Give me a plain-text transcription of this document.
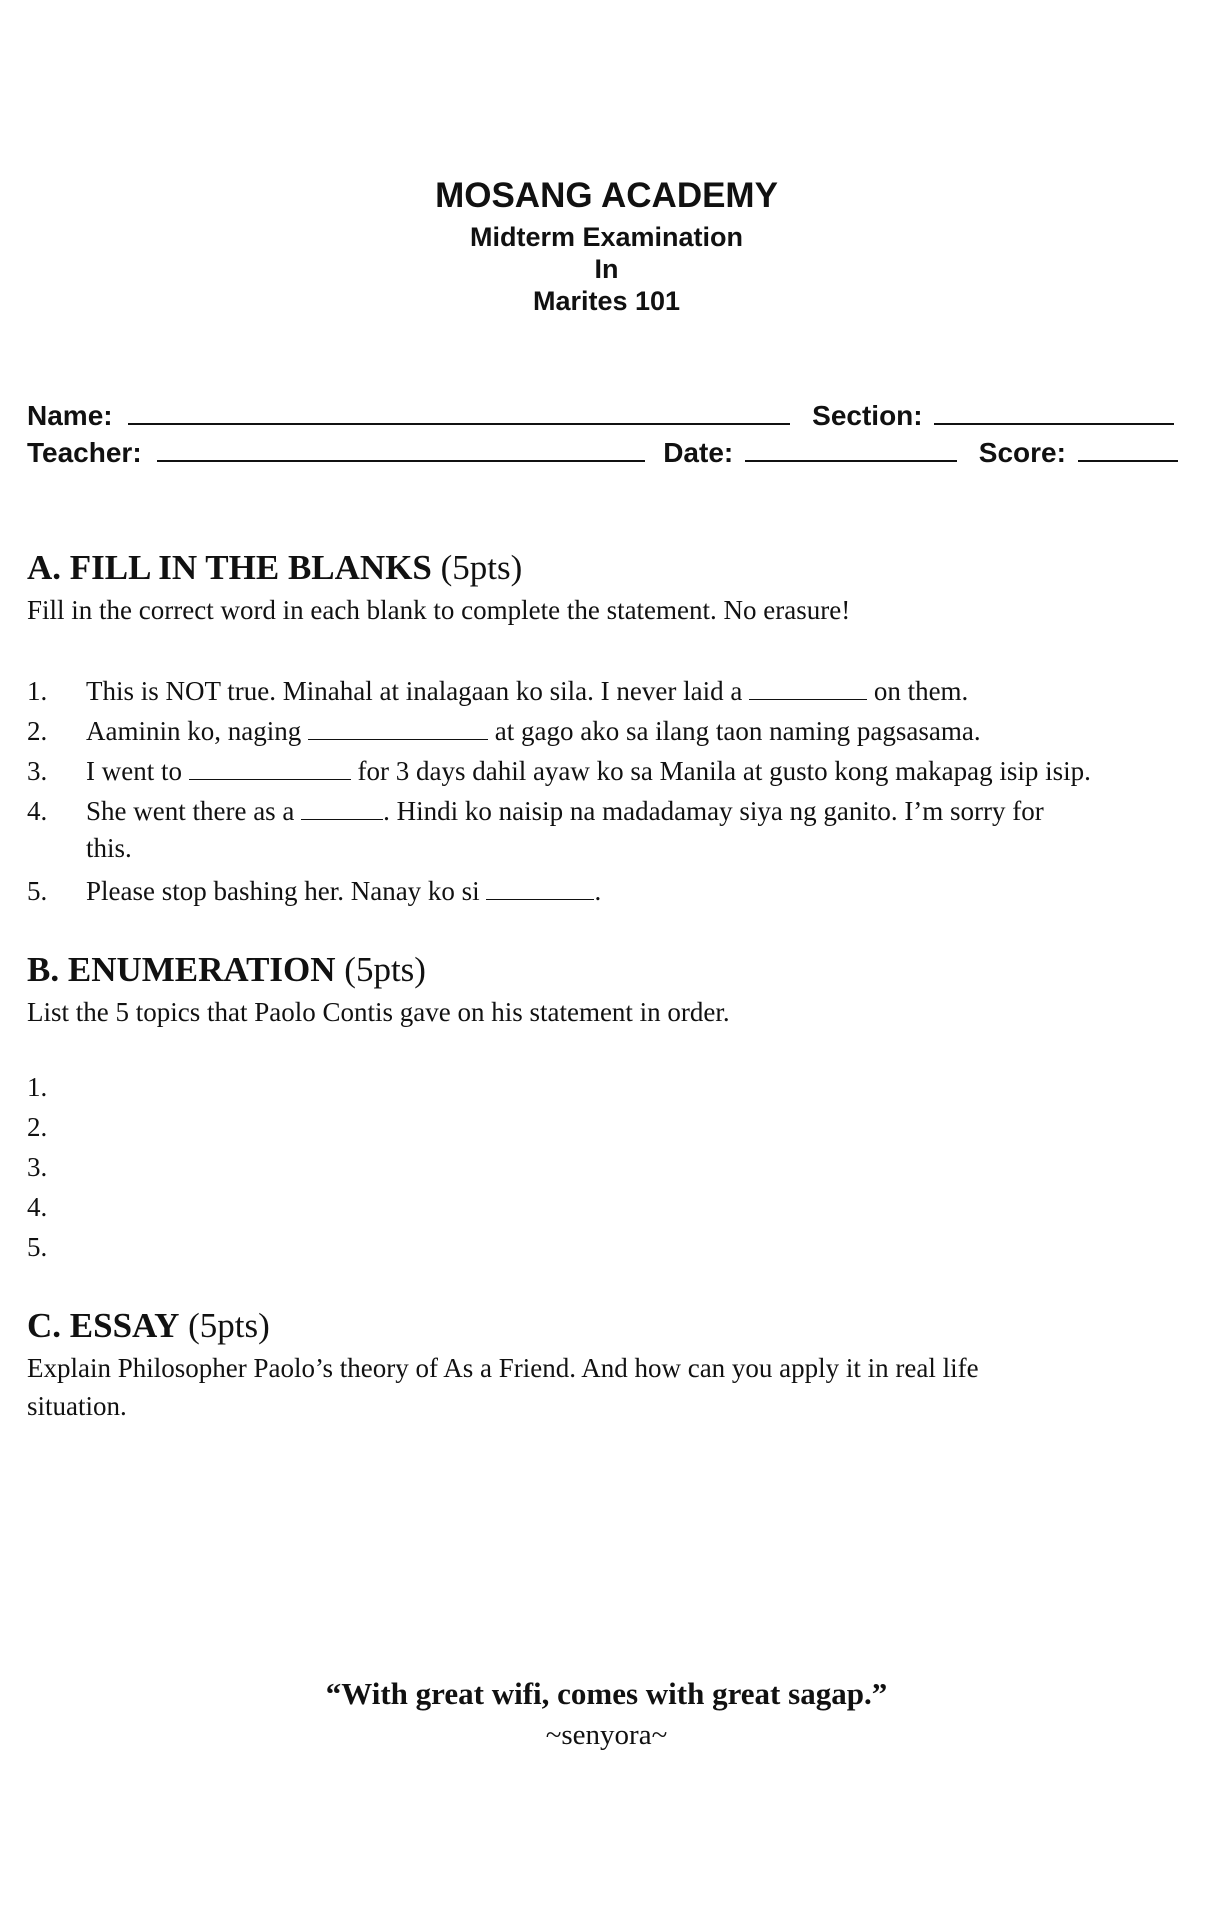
MOSANG ACADEMY
Midterm Examination
In
Marites 101
Name:	Section:
Teacher:	Date:	Score:
A. FILL IN THE BLANKS (5pts)
Fill in the correct word in each blank to complete the statement. No erasure!
1. This is NOT true. Minahal at inalagaan ko sila. I never laid a	on them.
2. Aaminin ko, naging	at gago ako sa ilang taon naming pagsasama.
3. I went to	for 3 days dahil ayaw ko sa Manila at gusto kong makapag isip isip.
4. She went there as a	. Hindi ko naisip na madadamay siya ng ganito. I’m sorry for
this.
5. Please stop bashing her. Nanay ko si	.
B. ENUMERATION (5pts)
List the 5 topics that Paolo Contis gave on his statement in order.
1.
2.
3.
4.
5.
C. ESSAY (5pts)
Explain Philosopher Paolo’s theory of As a Friend. And how can you apply it in real life
situation.
“With great wifi, comes with great sagap.”
~senyora~
